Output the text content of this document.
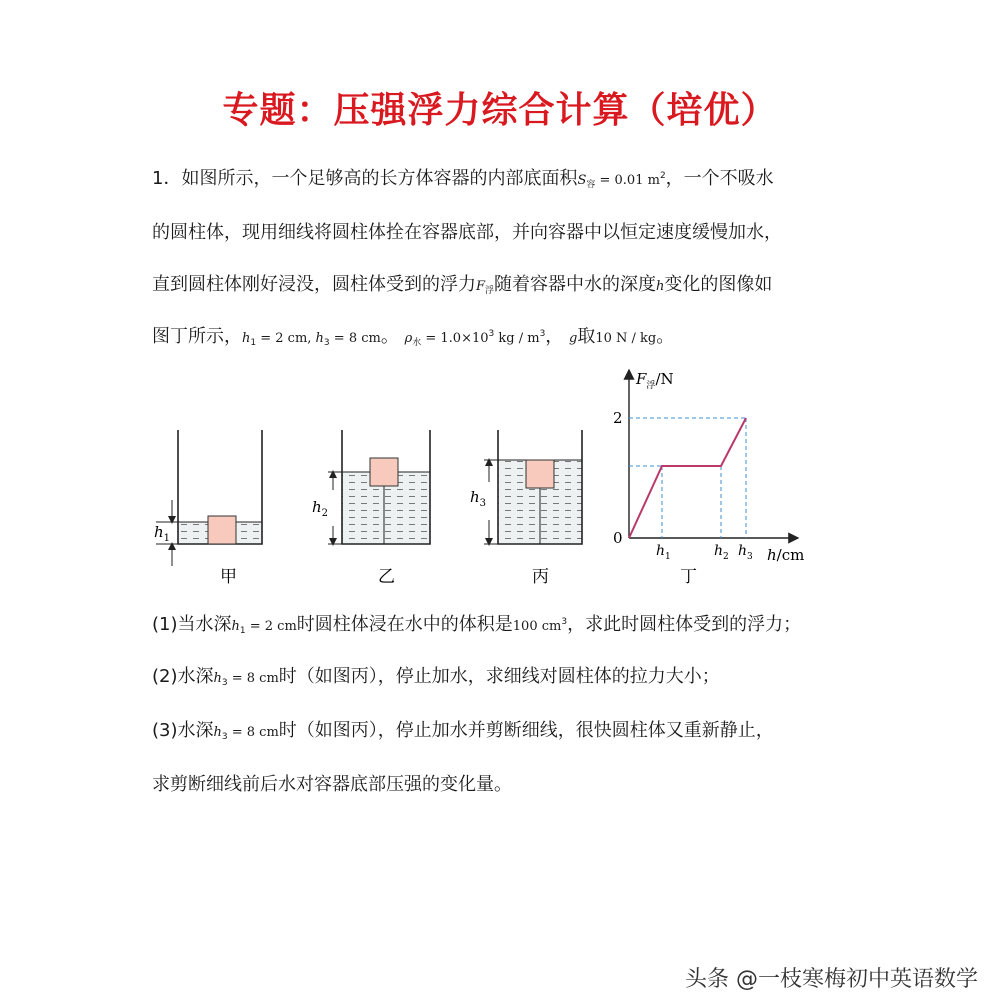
专题：压强浮力综合计算（培优）

1．如图所示，一个足够高的长方体容器的内部底面积S容 = 0.01 $m^2$，一个不吸水

的圆柱体，现用细线将圆柱体拴在容器底部，并向容器中以恒定速度缓慢加水，

直到圆柱体刚好浸没，圆柱体受到的浮力F浮随着容器中水的深度h变化的图像如

图丁所示，h1 = 2 cm, h3 = 8 cm。 ρ水 = $1.0\times 10^3$ kg / $m^3$， g取10 N / kg。

$h_1$
甲
$h_2$
乙
$h_3$
丙
$F_浮/N$
2
0
$h_1$	$h_2$ $h_3$ h/cm
丁

(1)当水深h1 = 2 cm时圆柱体浸在水中的体积是100 $cm^3$，求此时圆柱体受到的浮力；

(2)水深h3 = 8 cm时（如图丙），停止加水，求细线对圆柱体的拉力大小；

(3)水深h3 = 8 cm时（如图丙），停止加水并剪断细线，很快圆柱体又重新静止，

求剪断细线前后水对容器底部压强的变化量。

头条 @一枝寒梅初中英语数学
